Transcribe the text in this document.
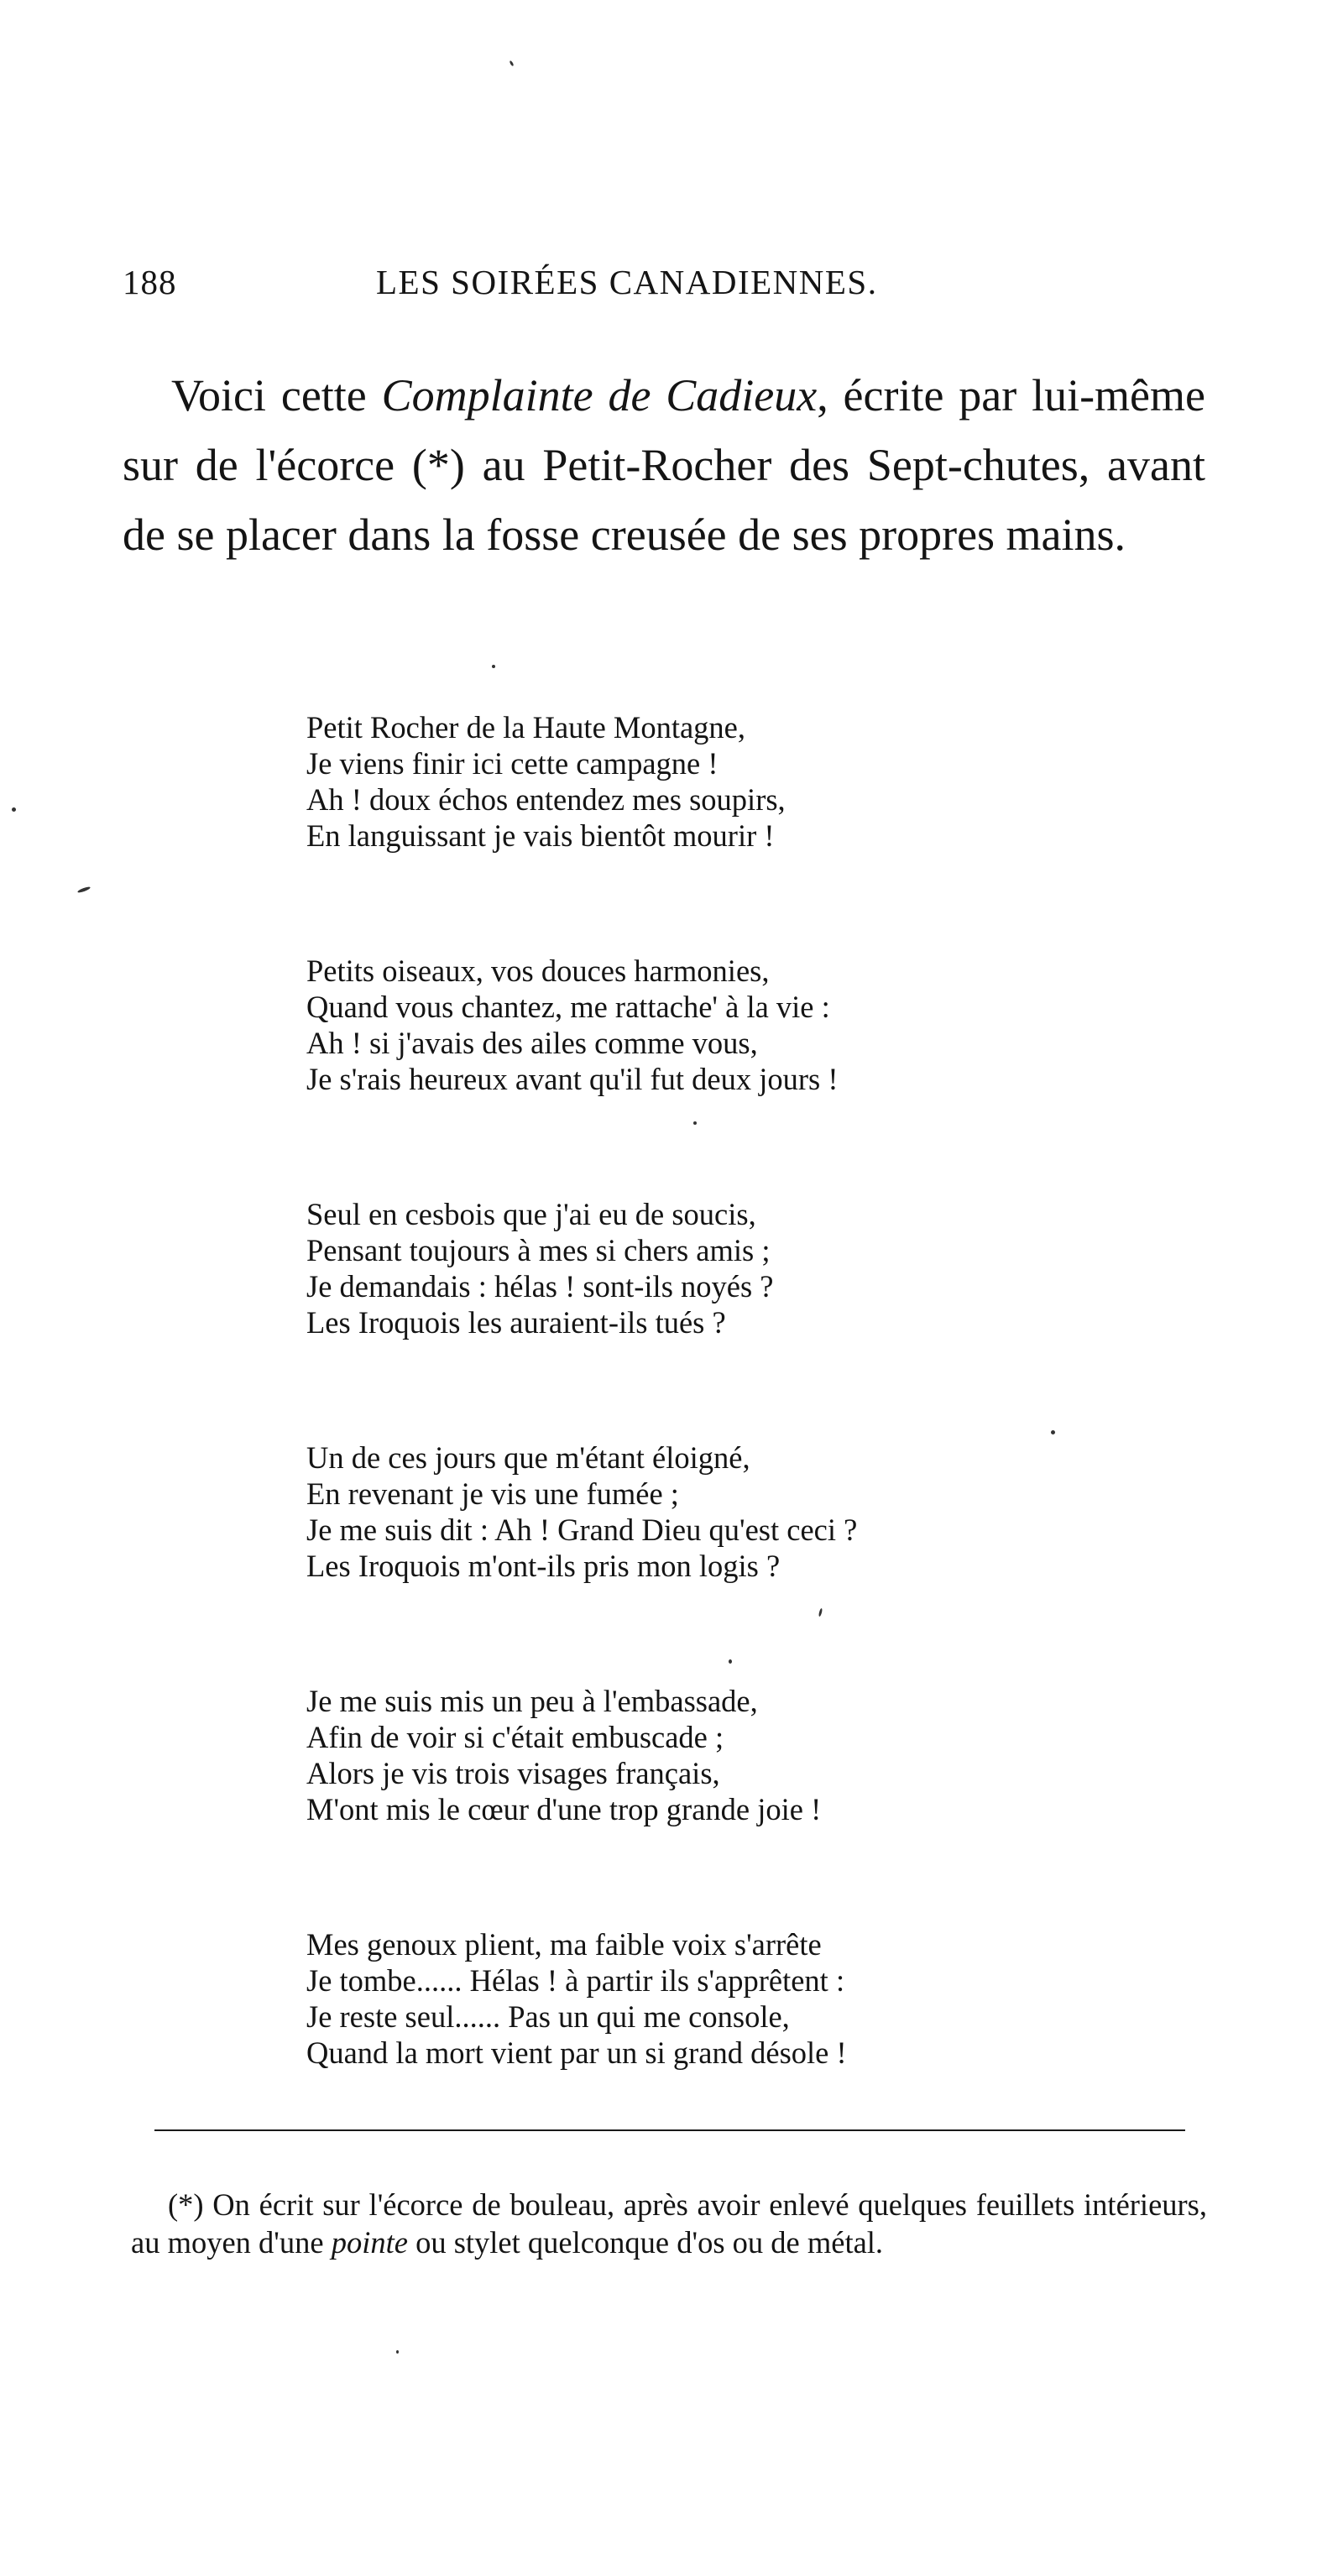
188	LES SOIRÉES CANADIENNES.

Voici cette Complainte de Cadieux, écrite par lui-même sur de l'écorce (*) au Petit-Rocher des Sept-chutes, avant de se placer dans la fosse creusée de ses propres mains.

Petit Rocher de la Haute Montagne,
Je viens finir ici cette campagne !
Ah ! doux échos entendez mes soupirs,
En languissant je vais bientôt mourir !
Petits oiseaux, vos douces harmonies,
Quand vous chantez, me rattache' à la vie :
Ah ! si j'avais des ailes comme vous,
Je s'rais heureux avant qu'il fut deux jours !
Seul en cesbois que j'ai eu de soucis,
Pensant toujours à mes si chers amis ;
Je demandais : hélas ! sont-ils noyés ?
Les Iroquois les auraient-ils tués ?
Un de ces jours que m'étant éloigné,
En revenant je vis une fumée ;
Je me suis dit : Ah ! Grand Dieu qu'est ceci ?
Les Iroquois m'ont-ils pris mon logis ?
Je me suis mis un peu à l'embassade,
Afin de voir si c'était embuscade ;
Alors je vis trois visages français,
M'ont mis le cœur d'une trop grande joie !
Mes genoux plient, ma faible voix s'arrête
Je tombe...... Hélas ! à partir ils s'apprêtent :
Je reste seul...... Pas un qui me console,
Quand la mort vient par un si grand désole !

(*) On écrit sur l'écorce de bouleau, après avoir enlevé quelques feuillets intérieurs, au moyen d'une pointe ou stylet quelconque d'os ou de métal.
